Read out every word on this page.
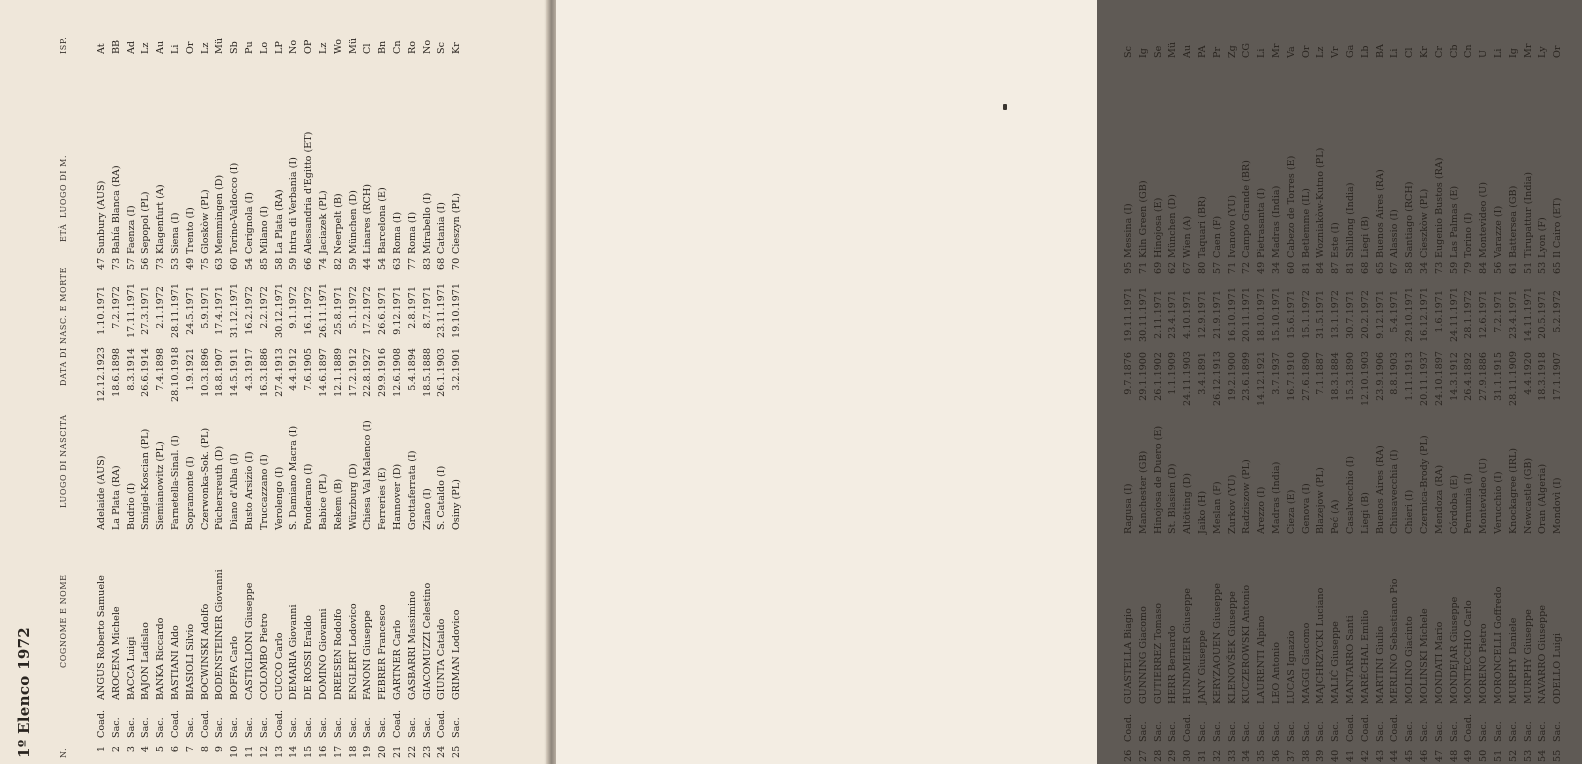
1º Elenco 1972	N.
COGNOME E NOME
LUOGO DI NASCITA
DATA DI NASC. E MORTE
ETÀ
LUOGO DI M.
ISP.
1	Coad.	ANGUS Roberto Samuele	Adelaide (AUS)	12.12.1923	1.10.1971	47	Sunbury (AUS)	At
2	Sac.	AROCENA Michele	La Plata (RA)	18.6.1898	7.2.1972	73	Bahía Blanca (RA)	BB
3	Sac.	BACCA Luigi	Budrio (I)	8.3.1914	17.11.1971	57	Faenza (I)	Ad
4	Sac.	BAJON Ladislao	Smigiel-Koscian (PL)	26.6.1914	27.3.1971	56	Sepopol (PL)	Lz
5	Sac.	BANKA Riccardo	Siemianowitz (PL)	7.4.1898	2.1.1972	73	Klagenfurt (A)	Au
6	Coad.	BASTIANI Aldo	Farnetella-Sinal. (I)	28.10.1918	28.11.1971	53	Siena (I)	Li
7	Sac.	BIASIOLI Silvio	Sopramonte (I)	1.9.1921	24.5.1971	49	Trento (I)	Or
8	Coad.	BOCWINSKI Adolfo	Czerwonka-Sok. (PL)	10.3.1896	5.9.1971	75	Gloskòw (PL)	Lz
9	Sac.	BODENSTEINER Giovanni	Püchersreuth (D)	18.8.1907	17.4.1971	63	Memmingen (D)	Mü
10	Sac.	BOFFA Carlo	Diano d'Alba (I)	14.5.1911	31.12.1971	60	Torino-Valdocco (I)	Sb
11	Sac.	CASTIGLIONI Giuseppe	Busto Arsizio (I)	4.3.1917	16.2.1972	54	Cerignola (I)	Pu
12	Sac.	COLOMBO Pietro	Truccazzano (I)	16.3.1886	2.2.1972	85	Milano (I)	Lo
13	Coad.	CUCCO Carlo	Verolengo (I)	27.4.1913	30.12.1971	58	La Plata (RA)	LP
14	Sac.	DEMARIA Giovanni	S. Damiano Macra (I)	4.4.1912	9.1.1972	59	Intra di Verbania (I)	No
15	Sac.	DE ROSSI Eraldo	Ponderano (I)	7.6.1905	16.1.1972	66	Alessandria d'Egitto (ET)	OP
16	Sac.	DOMINO Giovanni	Babice (PL)	14.6.1897	26.11.1971	74	Jaciazek (PL)	Lz
17	Sac.	DREESEN Rodolfo	Rekem (B)	12.1.1889	25.8.1971	82	Neerpelt (B)	Wo
18	Sac.	ENGLERT Lodovico	Würzburg (D)	17.2.1912	5.1.1972	59	München (D)	Mü
19	Sac.	FANONI Giuseppe	Chiesa Val Malenco (I)	22.8.1927	17.2.1972	44	Linares (RCH)	Cl
20	Sac.	FEBRER Francesco	Ferreries (E)	29.9.1916	26.6.1971	54	Barcelona (E)	Bn
21	Coad.	GARTNER Carlo	Hannover (D)	12.6.1908	9.12.1971	63	Roma (I)	Cn
22	Sac.	GASBARRI Massimino	Grottaferrata (I)	5.4.1894	2.8.1971	77	Roma (I)	Ro
23	Sac.	GIACOMUZZI Celestino	Ziano (I)	18.5.1888	8.7.1971	83	Mirabello (I)	No
24	Coad.	GIUNTA Cataldo	S. Cataldo (I)	26.1.1903	23.11.1971	68	Catania (I)	Sc
25	Sac.	GRIMAN Lodovico	Osiny (PL)	3.2.1901	19.10.1971	70	Cieszyn (PL)	Kr
26	Coad.	GUASTELLA Biagio	Ragusa (I)	9.7.1876	19.11.1971	95	Messina (I)	Sc
27	Sac.	GUNNING Giacomo	Manchester (GB)	29.1.1900	30.11.1971	71	Kiln Green (GB)	Ig
28	Sac.	GUTIERREZ Tomaso	Hinojosa de Duero (E)	26.1.1902	2.11.1971	69	Hinojosa (E)	Se
29	Sac.	HERR Bernardo	St. Blasien (D)	1.1.1909	23.4.1971	62	München (D)	Mü
30	Coad.	HUNDMEIER Giuseppe	Altötting (D)	24.11.1903	4.10.1971	67	Wien (A)	Au
31	Sac.	JANY Giuseppe	Jaiko (H)	3.4.1891	12.9.1971	80	Taquari (BR)	PA
32	Sac.	KERYZAOUEN Giuseppe	Meslan (F)	26.12.1913	21.9.1971	57	Caen (F)	Pr
33	Sac.	KLENOVŠEK Giuseppe	Zurkov (YU)	19.2.1900	16.10.1971	71	Ivanovo (YU)	Zg
34	Sac.	KUCZEROWSKI Antonio	Radziszow (PL)	23.6.1899	20.11.1971	72	Campo Grande (BR)	CG
35	Sac.	LAURENTI Alpino	Arezzo (I)	14.12.1921	18.10.1971	49	Pietrasanta (I)	Li
36	Sac.	LEO Antonio	Madras (India)	3.7.1937	15.10.1971	34	Madras (India)	Mr
37	Sac.	LUCAS Ignazio	Cieza (E)	16.7.1910	15.6.1971	60	Cabezo de Torres (E)	Va
38	Sac.	MAGGI Giacomo	Genova (I)	27.6.1890	15.1.1972	81	Betlemme (IL)	Or
39	Sac.	MAJCHRZYCKI Luciano	Blazejow (PL)	7.1.1887	31.5.1971	84	Wozniakòw-Kutno (PL)	Lz
40	Sac.	MALIĆ Giuseppe	Peć (A)	18.3.1884	13.1.1972	87	Este (I)	Vr
41	Coad.	MANTARRO Santi	Casalvecchio (I)	15.3.1890	30.7.1971	81	Shillong (India)	Ga
42	Coad.	MARÉCHAL Emilio	Liegi (B)	12.10.1903	20.2.1972	68	Liegi (B)	Lb
43	Sac.	MARTINI Giulio	Buenos Aires (RA)	23.9.1906	9.12.1971	65	Buenos Aires (RA)	BA
44	Coad.	MERLINO Sebastiano Pio	Chiusavecchia (I)	8.8.1903	5.4.1971	67	Alassio (I)	Li
45	Sac.	MOLINO Giacinto	Chieri (I)	1.11.1913	29.10.1971	58	Santiago (RCH)	Cl
46	Sac.	MOLINSKI Michele	Czernica-Brody (PL)	20.11.1937	16.12.1971	34	Cieszkòw (PL)	Kr
47	Sac.	MONDATI Mario	Mendoza (RA)	24.10.1897	1.6.1971	73	Eugenio Bustos (RA)	Cr
48	Sac.	MONDEJAR Giuseppe	Córdoba (E)	14.3.1912	24.11.1971	59	Las Palmas (E)	Cb
49	Coad.	MONTECCHIO Carlo	Pernumia (I)	26.4.1892	28.1.1972	79	Torino (I)	Cn
50	Sac.	MORENO Pietro	Montevideo (U)	27.9.1886	12.6.1971	84	Montevideo (U)	U
51	Sac.	MORONCELLI Goffredo	Verucchio (I)	31.1.1915	7.2.1971	56	Varazze (I)	Li
52	Sac.	MURPHY Daniele	Knockagree (IRL)	28.11.1909	23.4.1971	61	Battersea (GB)	Ig
53	Sac.	MURPHY Giuseppe	Newcastle (GB)	4.4.1920	14.11.1971	51	Tirupattur (India)	Mr
54	Sac.	NAVARRO Giuseppe	Oran (Algeria)	18.3.1918	20.5.1971	53	Lyon (F)	Ly
55	Sac.	ODELLO Luigi	Mondovì (I)	17.1.1907	5.2.1972	65	Il Cairo (ET)	Or
